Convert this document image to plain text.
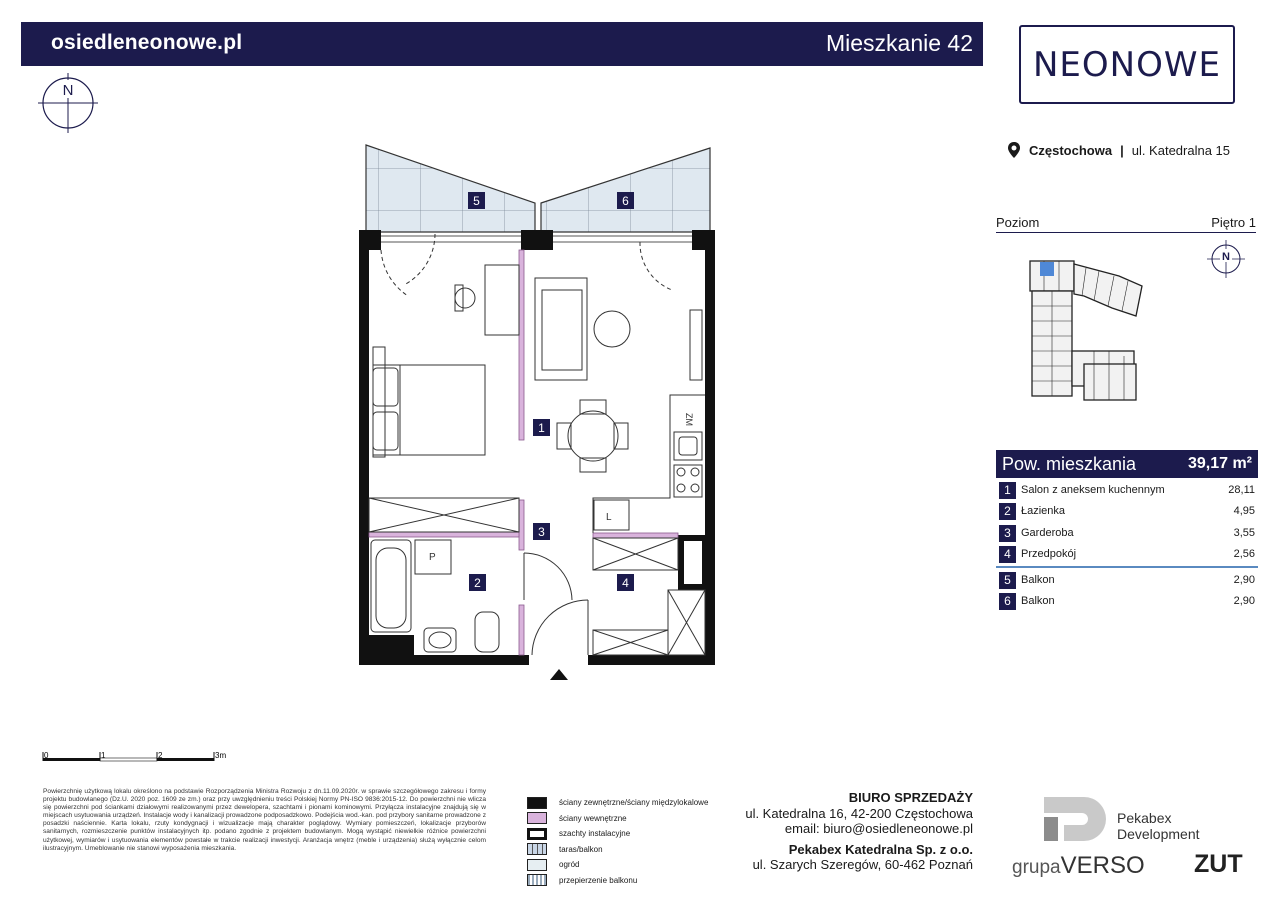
osiedleneonowe.pl	Mieszkanie 42
N
NEONOWE
Częstochowa | ul. Katedralna 15
Poziom	Piętro 1
N
Pow. mieszkania	39,17 m²
1 Salon z aneksem kuchennym	28,11
2 Łazienka	4,95
3 Garderoba	3,55
4 Przedpokój	2,56
5 Balkon	2,90
6 Balkon	2,90
ZM
L
P
5	6
1
3
2	4
0	1	2	3m
Powierzchnię użytkową lokalu określono na podstawie Rozporządzenia Ministra Rozwoju z dn.11.09.2020r. w sprawie szczegółowego zakresu i formy projektu budowlanego (Dz.U. 2020 poz. 1609 ze zm.) oraz przy uwzględnieniu treści Polskiej Normy PN-ISO 9836:2015-12. Do powierzchni nie wlicza się powierzchni pod ściankami działowymi realizowanymi przez dewelopera, szachtami i pionami kominowymi. Przyłącza instalacyjne znajdują się w miejscach usytuowania urządzeń. Instalacje wody i kanalizacji prowadzone podposadzkowo. Podejścia wod.-kan. pod przybory sanitarne prowadzone z posadzki naściennie. Karta lokalu, rzuty kondygnacji i wizualizacje mają charakter poglądowy. Wymiary pomieszczeń, lokalizacje przyborów sanitarnych, rozmieszczenie punktów instalacyjnych itp. podano zgodnie z projektem budowlanym. Mogą wystąpić niewielkie różnice powierzchni użytkowej, wymiarów i usytuowania elementów powstałe w trakcie realizacji inwestycji. Aranżacja wnętrz (meble i urządzenia) służą wyłącznie celom ilustracyjnym. Umeblowanie nie stanowi wyposażenia mieszkania.
ściany zewnętrzne/ściany międzylokalowe
ściany wewnętrzne
szachty instalacyjne
taras/balkon
ogród
przepierzenie balkonu
BIURO SPRZEDAŻY
ul. Katedralna 16, 42-200 Częstochowa
email: biuro@osiedleneonowe.pl
Pekabex Katedralna Sp. z o.o.
ul. Szarych Szeregów, 60-462 Poznań
Pekabex
Development
grupaVERSO ZUT
